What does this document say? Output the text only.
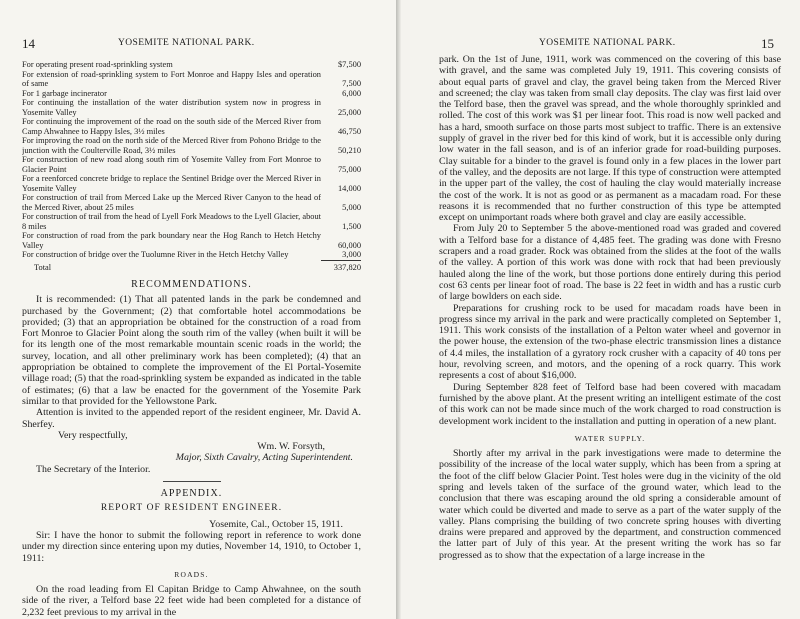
14	YOSEMITE NATIONAL PARK.
For operating present road-sprinkling system	$7,500
For extension of road-sprinkling system to Fort Monroe and Happy Isles and operation of same	7,500
For 1 garbage incinerator	6,000
For continuing the installation of the water distribution system now in progress in Yosemite Valley	25,000
For continuing the improvement of the road on the south side of the Merced River from Camp Ahwahnee to Happy Isles, 3½ miles	46,750
For improving the road on the north side of the Merced River from Pohono Bridge to the junction with the Coulterville Road, 3½ miles	50,210
For construction of new road along south rim of Yosemite Valley from Fort Monroe to Glacier Point	75,000
For a reenforced concrete bridge to replace the Sentinel Bridge over the Merced River in Yosemite Valley	14,000
For construction of trail from Merced Lake up the Merced River Canyon to the head of the Merced River, about 25 miles	5,000
For construction of trail from the head of Lyell Fork Meadows to the Lyell Glacier, about 8 miles	1,500
For construction of road from the park boundary near the Hog Ranch to Hetch Hetchy Valley	60,000
For construction of bridge over the Tuolumne River in the Hetch Hetchy Valley	3,000
Total	337,820
RECOMMENDATIONS.

It is recommended: (1) That all patented lands in the park be condemned and purchased by the Government; (2) that comfortable hotel accommodations be provided; (3) that an appropriation be obtained for the construction of a road from Fort Monroe to Glacier Point along the south rim of the valley (when built it will be for its length one of the most remarkable mountain scenic roads in the world; the survey, location, and all other preliminary work has been completed); (4) that an appropriation be obtained to complete the improvement of the El Portal-Yosemite village road; (5) that the road-sprinkling system be expanded as indicated in the table of estimates; (6) that a law be enacted for the government of the Yosemite Park similar to that provided for the Yellowstone Park.

Attention is invited to the appended report of the resident engineer, Mr. David A. Sherfey.

Very respectfully,

Wm. W. Forsyth,
Major, Sixth Cavalry, Acting Superintendent.

The Secretary of the Interior.

APPENDIX.
REPORT OF RESIDENT ENGINEER.
Yosemite, Cal., October 15, 1911.

Sir: I have the honor to submit the following report in reference to work done under my direction since entering upon my duties, November 14, 1910, to October 1, 1911:

ROADS.

On the road leading from El Capitan Bridge to Camp Ahwahnee, on the south side of the river, a Telford base 22 feet wide had been completed for a distance of 2,232 feet previous to my arrival in the

YOSEMITE NATIONAL PARK.	15

park. On the 1st of June, 1911, work was commenced on the covering of this base with gravel, and the same was completed July 19, 1911. This covering consists of about equal parts of gravel and clay, the gravel being taken from the Merced River and screened; the clay was taken from small clay deposits. The clay was first laid over the Telford base, then the gravel was spread, and the whole thoroughly sprinkled and rolled. The cost of this work was $1 per linear foot. This road is now well packed and has a hard, smooth surface on those parts most subject to traffic. There is an extensive supply of gravel in the river bed for this kind of work, but it is accessible only during low water in the fall season, and is of an inferior grade for road-building purposes. Clay suitable for a binder to the gravel is found only in a few places in the lower part of the valley, and the deposits are not large. If this type of construction were attempted in the upper part of the valley, the cost of hauling the clay would materially increase the cost of the work. It is not as good or as permanent as a macadam road. For these reasons it is recommended that no further construction of this type be attempted except on unimportant roads where both gravel and clay are easily accessible.

From July 20 to September 5 the above-mentioned road was graded and covered with a Telford base for a distance of 4,485 feet. The grading was done with Fresno scrapers and a road grader. Rock was obtained from the slides at the foot of the walls of the valley. A portion of this work was done with rock that had been previously hauled along the line of the work, but those portions done entirely during this period cost 63 cents per linear foot of road. The base is 22 feet in width and has a rustic curb of large bowlders on each side.

Preparations for crushing rock to be used for macadam roads have been in progress since my arrival in the park and were practically completed on September 1, 1911. This work consists of the installation of a Pelton water wheel and governor in the power house, the extension of the two-phase electric transmission lines a distance of 4.4 miles, the installation of a gyratory rock crusher with a capacity of 40 tons per hour, revolving screen, and motors, and the opening of a rock quarry. This work represents a cost of about $16,000.

During September 828 feet of Telford base had been covered with macadam furnished by the above plant. At the present writing an intelligent estimate of the cost of this work can not be made since much of the work charged to road construction is development work incident to the installation and putting in operation of a new plant.

WATER SUPPLY.

Shortly after my arrival in the park investigations were made to determine the possibility of the increase of the local water supply, which has been from a spring at the foot of the cliff below Glacier Point. Test holes were dug in the vicinity of the old spring and levels taken of the surface of the ground water, which lead to the conclusion that there was escaping around the old spring a considerable amount of water which could be diverted and made to serve as a part of the water supply of the valley. Plans comprising the building of two concrete spring houses with diverting drains were prepared and approved by the department, and construction commenced the latter part of July of this year. At the present writing the work has so far progressed as to show that the expectation of a large increase in the
